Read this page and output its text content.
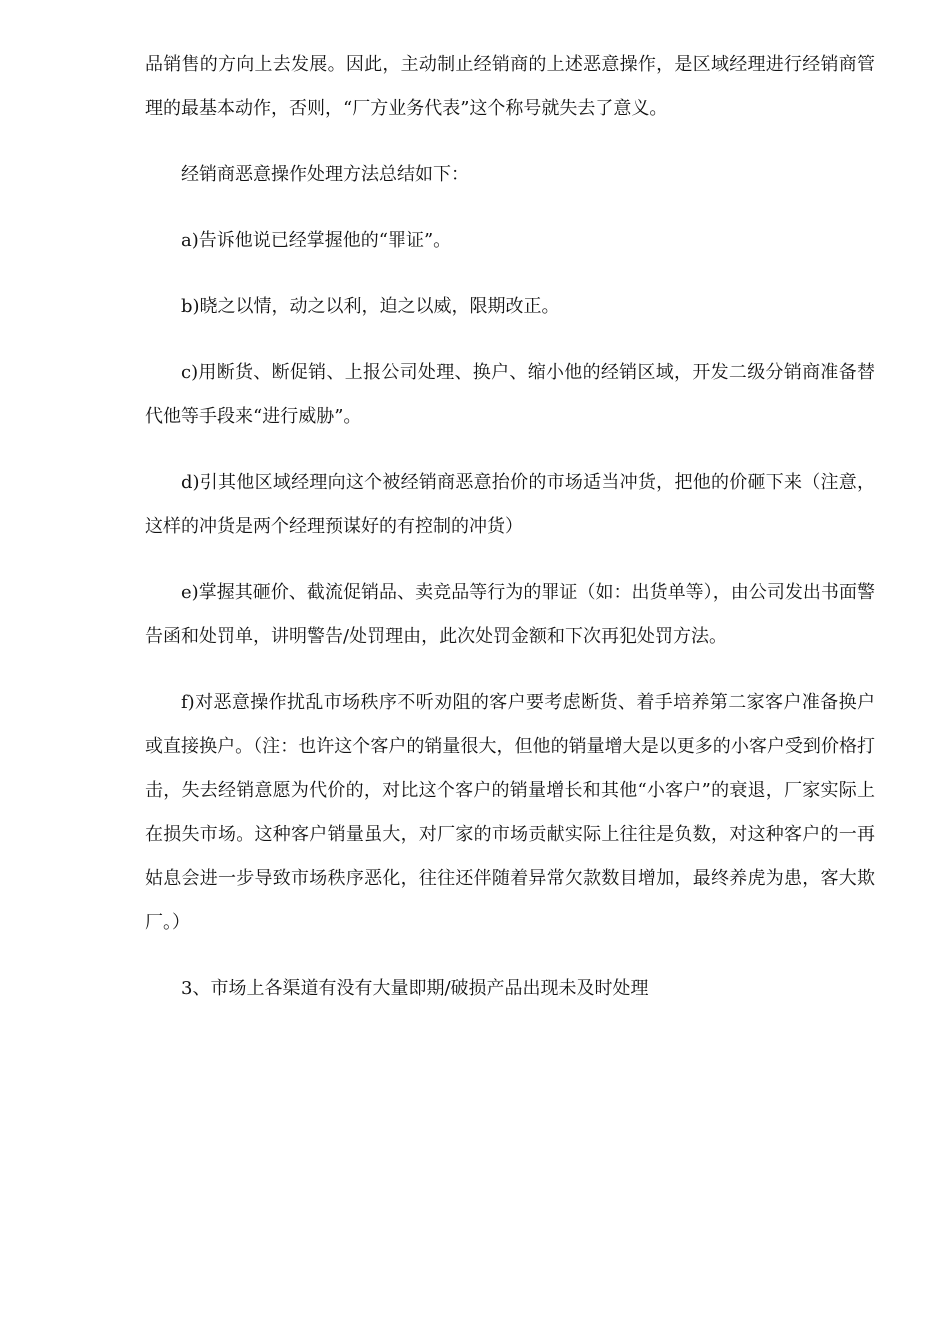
品销售的方向上去发展。因此，主动制止经销商的上述恶意操作，是区域经理进行经销商管理的最基本动作，否则，“厂方业务代表”这个称号就失去了意义。

经销商恶意操作处理方法总结如下：

a)告诉他说已经掌握他的“罪证”。

b)晓之以情，动之以利，迫之以威，限期改正。

c)用断货、断促销、上报公司处理、换户、缩小他的经销区域，开发二级分销商准备替代他等手段来“进行威胁”。

d)引其他区域经理向这个被经销商恶意抬价的市场适当冲货，把他的价砸下来（注意，这样的冲货是两个经理预谋好的有控制的冲货）

e)掌握其砸价、截流促销品、卖竞品等行为的罪证（如：出货单等），由公司发出书面警告函和处罚单，讲明警告/处罚理由，此次处罚金额和下次再犯处罚方法。

f)对恶意操作扰乱市场秩序不听劝阻的客户要考虑断货、着手培养第二家客户准备换户或直接换户。（注：也许这个客户的销量很大，但他的销量增大是以更多的小客户受到价格打击，失去经销意愿为代价的，对比这个客户的销量增长和其他“小客户”的衰退，厂家实际上在损失市场。这种客户销量虽大，对厂家的市场贡献实际上往往是负数，对这种客户的一再姑息会进一步导致市场秩序恶化，往往还伴随着异常欠款数目增加，最终养虎为患，客大欺厂。）

3、市场上各渠道有没有大量即期/破损产品出现未及时处理
